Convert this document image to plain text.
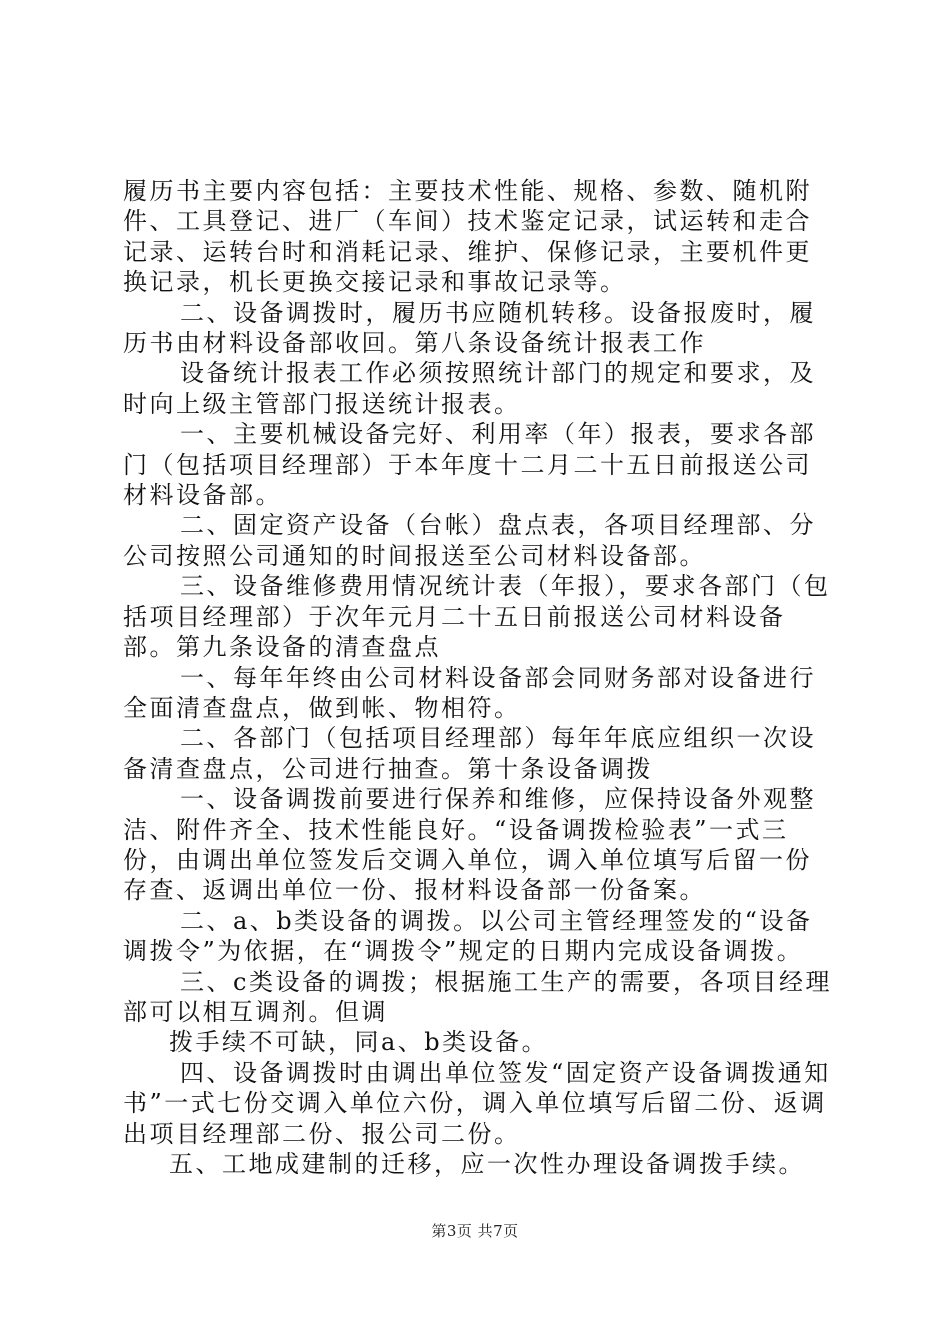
履历书主要内容包括：主要技术性能、规格、参数、随机附件、工具登记、进厂（车间）技术鉴定记录，试运转和走合记录、运转台时和消耗记录、维护、保修记录，主要机件更换记录，机长更换交接记录和事故记录等。

二、设备调拨时，履历书应随机转移。设备报废时，履历书由材料设备部收回。第八条设备统计报表工作

设备统计报表工作必须按照统计部门的规定和要求，及时向上级主管部门报送统计报表。

一、主要机械设备完好、利用率（年）报表，要求各部门（包括项目经理部）于本年度十二月二十五日前报送公司材料设备部。

二、固定资产设备（台帐）盘点表，各项目经理部、分公司按照公司通知的时间报送至公司材料设备部。

三、设备维修费用情况统计表（年报），要求各部门（包括项目经理部）于次年元月二十五日前报送公司材料设备部。第九条设备的清查盘点

一、每年年终由公司材料设备部会同财务部对设备进行全面清查盘点，做到帐、物相符。

二、各部门（包括项目经理部）每年年底应组织一次设备清查盘点，公司进行抽查。第十条设备调拨

一、设备调拨前要进行保养和维修，应保持设备外观整洁、附件齐全、技术性能良好。“设备调拨检验表”一式三份，由调出单位签发后交调入单位，调入单位填写后留一份存查、返调出单位一份、报材料设备部一份备案。

二、a、b类设备的调拨。以公司主管经理签发的“设备调拨令”为依据，在“调拨令”规定的日期内完成设备调拨。

三、c类设备的调拨；根据施工生产的需要，各项目经理部可以相互调剂。但调

拨手续不可缺，同a、b类设备。

四、设备调拨时由调出单位签发“固定资产设备调拨通知书”一式七份交调入单位六份，调入单位填写后留二份、返调出项目经理部二份、报公司二份。

五、工地成建制的迁移，应一次性办理设备调拨手续。

第3页 共7页
